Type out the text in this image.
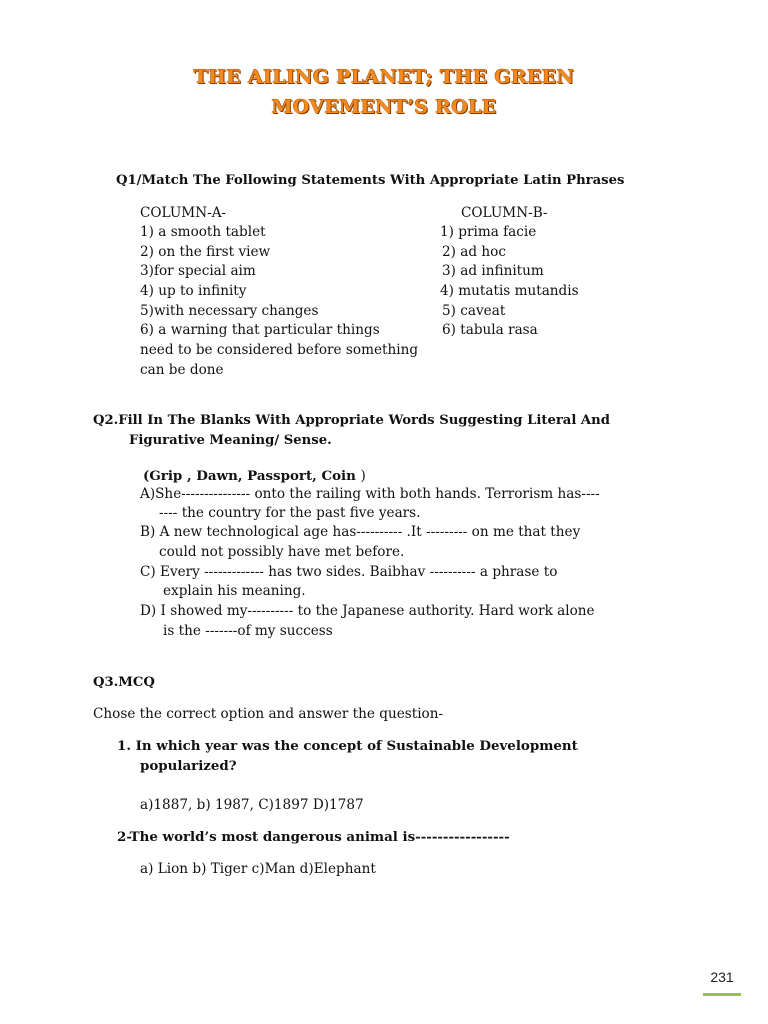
THE AILING PLANET; THE GREEN
MOVEMENT’S ROLE
Q1/Match The Following Statements With Appropriate Latin Phrases
COLUMN-A-	COLUMN-B-
1) a smooth tablet
2) on the first view
3)for special aim
4) up to infinity
5)with necessary changes
6) a warning that particular things
need to be considered before something
can be done
1) prima facie
2) ad hoc
3) ad infinitum
4) mutatis mutandis
5) caveat
6) tabula rasa
Q2.Fill In The Blanks With Appropriate Words Suggesting Literal And
Figurative Meaning/ Sense.
(Grip , Dawn, Passport, Coin )
A)She--------------- onto the railing with both hands. Terrorism has----
---- the country for the past five years.
B) A new technological age has---------- .It --------- on me that they
could not possibly have met before.
C) Every ------------- has two sides. Baibhav ---------- a phrase to
explain his meaning.
D) I showed my---------- to the Japanese authority. Hard work alone
is the -------of my success
Q3.MCQ
Chose the correct option and answer the question-
1. In which year was the concept of Sustainable Development
popularized?
a)1887, b) 1987, C)1897 D)1787
2-The world’s most dangerous animal is-----------------
a) Lion b) Tiger c)Man d)Elephant
231
